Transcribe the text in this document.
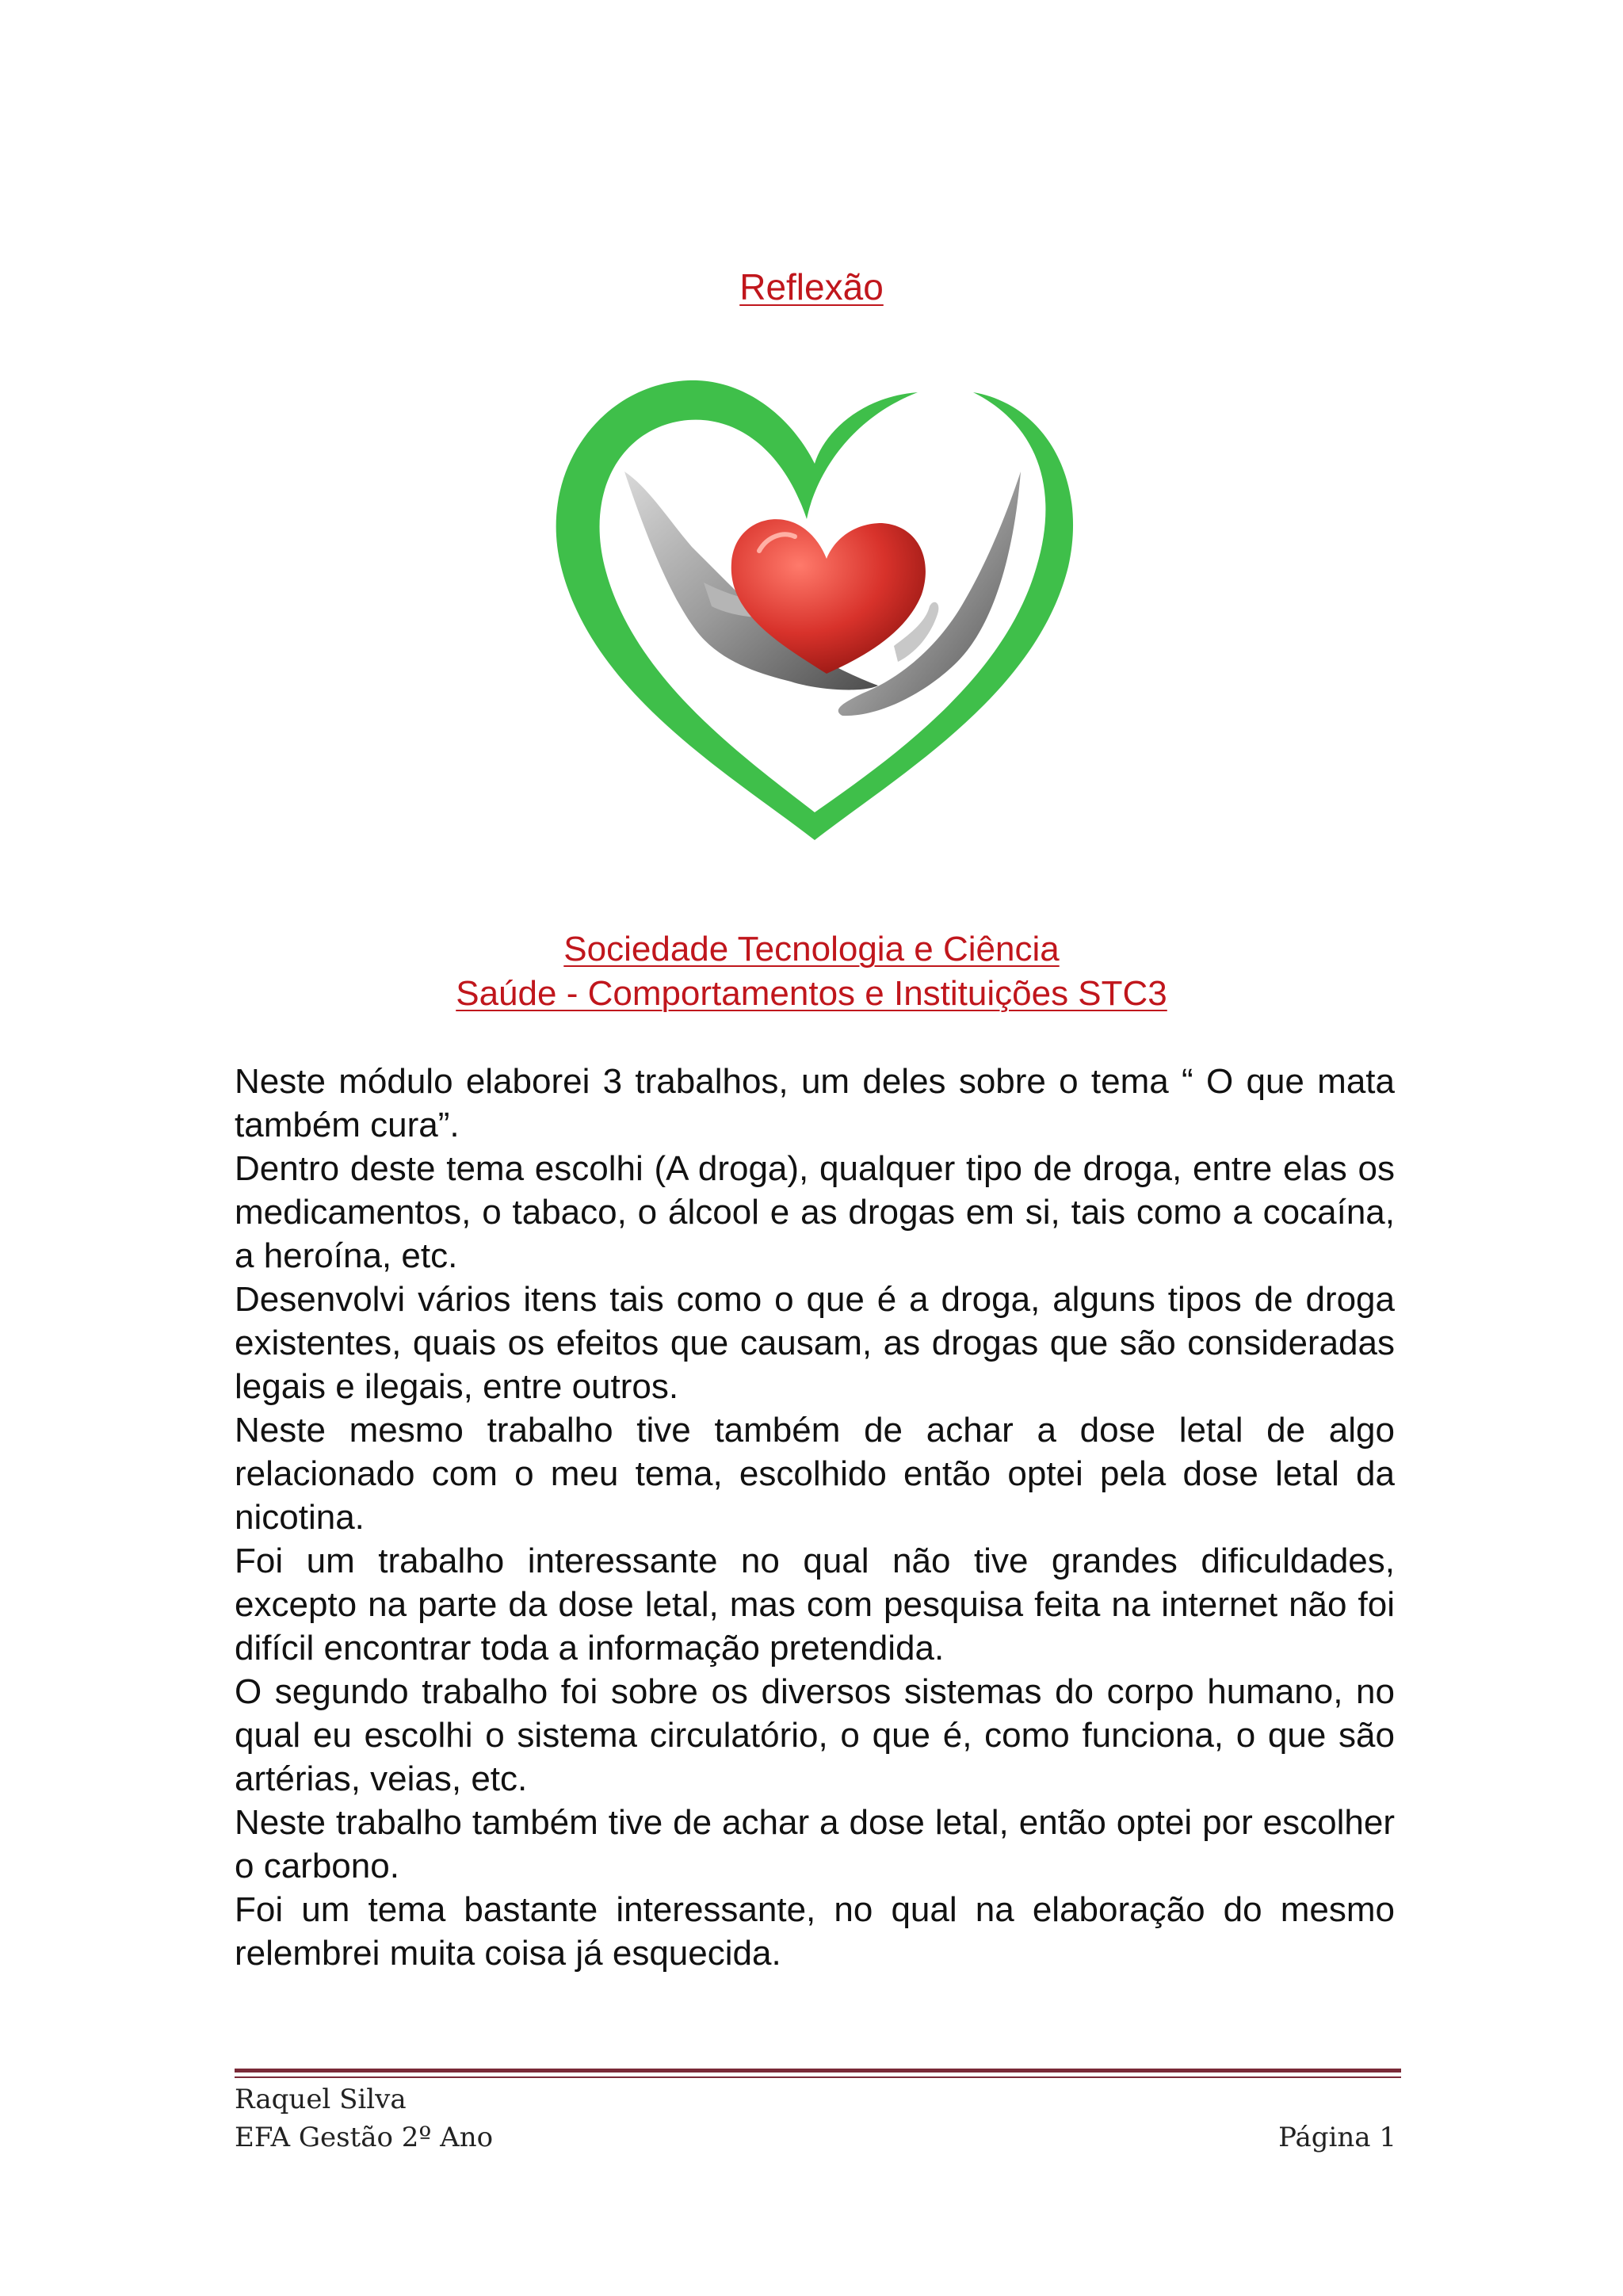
Reflexão
Sociedade Tecnologia e Ciência
Saúde - Comportamentos e Instituições STC3

Neste módulo elaborei 3 trabalhos, um deles sobre o tema “ O que mata também cura”.

Dentro deste tema escolhi (A droga), qualquer tipo de droga, entre elas os medicamentos, o tabaco, o álcool e as drogas em si, tais como a cocaína, a heroína, etc.

Desenvolvi vários itens tais como o que é a droga, alguns tipos de droga existentes, quais os efeitos que causam, as drogas que são consideradas legais e ilegais, entre outros.

Neste mesmo trabalho tive também de achar a dose letal de algo relacionado com o meu tema, escolhido então optei pela dose letal da nicotina.

Foi um trabalho interessante no qual não tive grandes dificuldades, excepto na parte da dose letal, mas com pesquisa feita na internet não foi difícil encontrar toda a informação pretendida.

O segundo trabalho foi sobre os diversos sistemas do corpo humano, no qual eu escolhi o sistema circulatório, o que é, como funciona, o que são artérias, veias, etc.

Neste trabalho também tive de achar a dose letal, então optei por escolher o carbono.

Foi um tema bastante interessante, no qual na elaboração do mesmo relembrei muita coisa já esquecida.

Raquel Silva
EFA Gestão 2º Ano	Página 1
